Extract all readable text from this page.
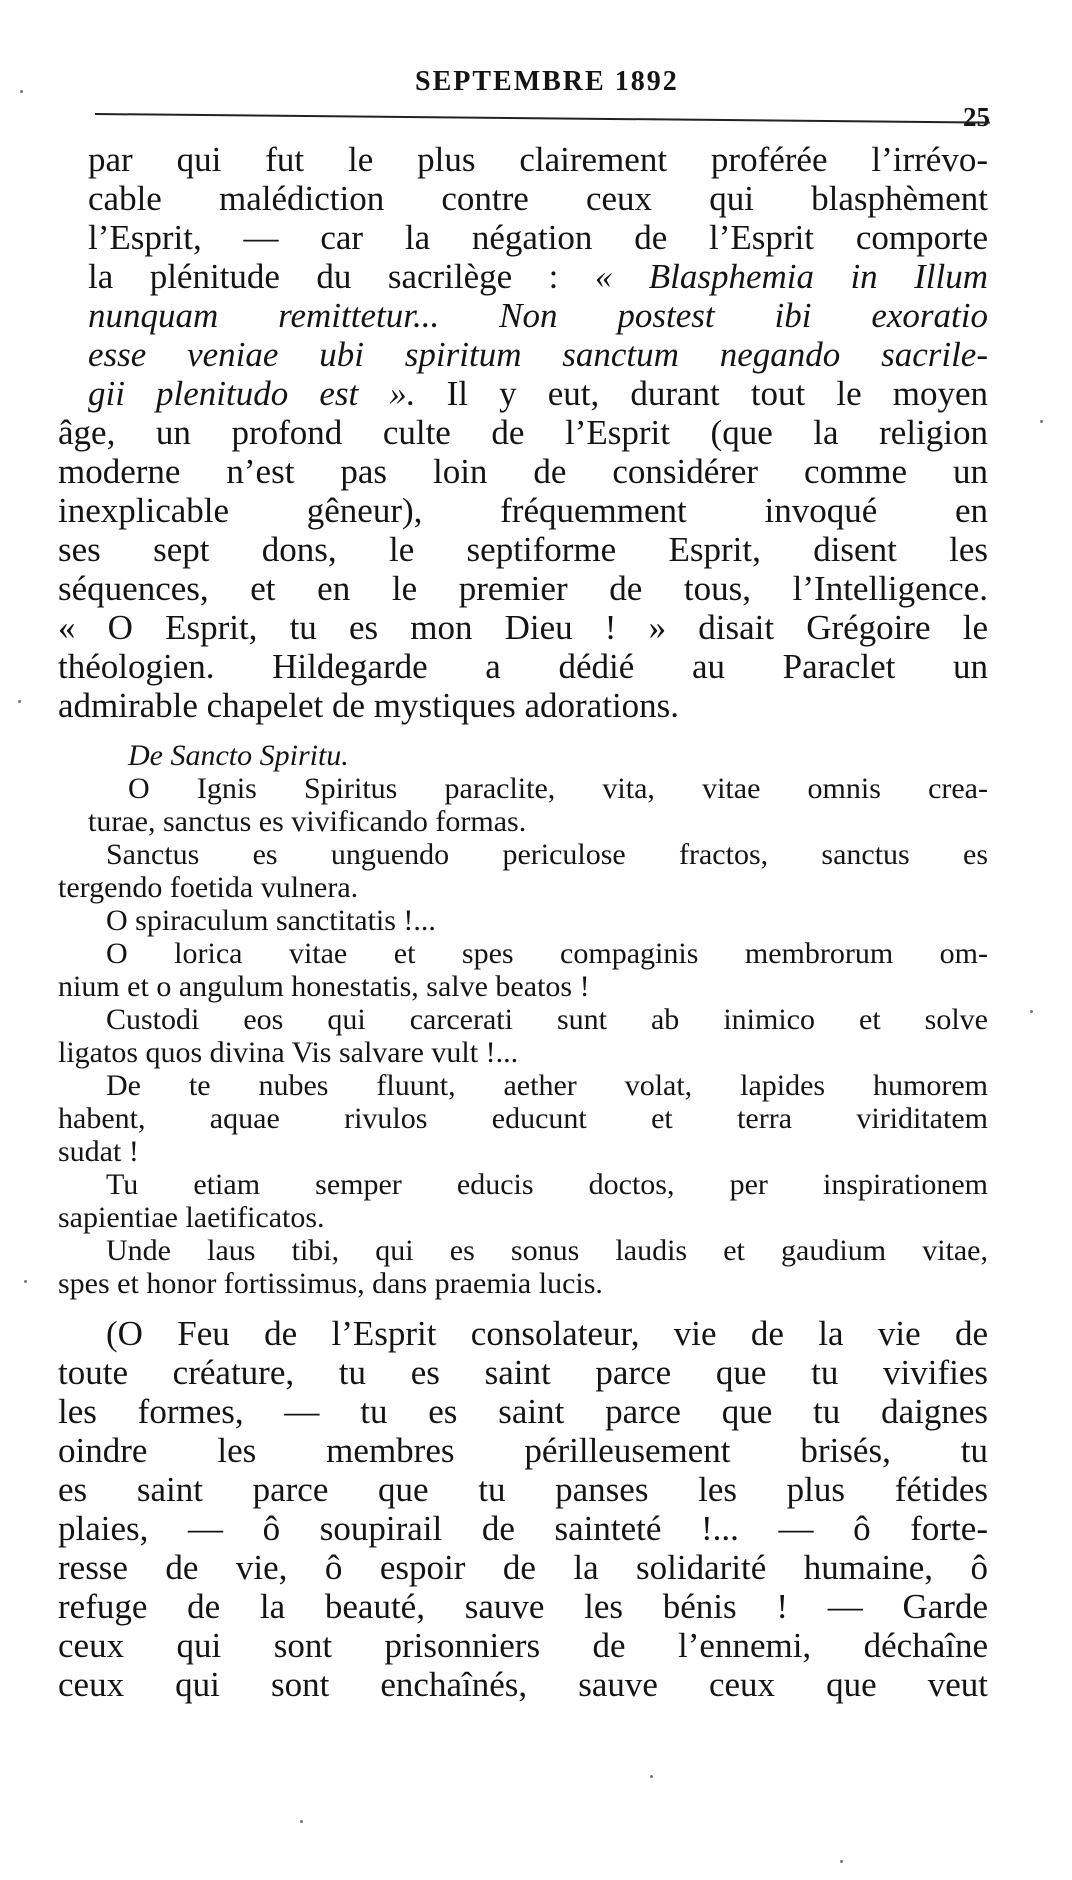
SEPTEMBRE 1892
25
par qui fut le plus clairement proférée l’irrévo-
cable malédiction contre ceux qui blasphèment
l’Esprit, — car la négation de l’Esprit comporte
la plénitude du sacrilège : « Blasphemia in Illum
nunquam remittetur... Non postest ibi exoratio
esse veniae ubi spiritum sanctum negando sacrile-
gii plenitudo est ». Il y eut, durant tout le moyen
âge, un profond culte de l’Esprit (que la religion
moderne n’est pas loin de considérer comme un
inexplicable gêneur), fréquemment invoqué en
ses sept dons, le septiforme Esprit, disent les
séquences, et en le premier de tous, l’Intelligence.
« O Esprit, tu es mon Dieu ! » disait Grégoire le
théologien. Hildegarde a dédié au Paraclet un
admirable chapelet de mystiques adorations.
De Sancto Spiritu.
O Ignis Spiritus paraclite, vita, vitae omnis crea-
turae, sanctus es vivificando formas.
Sanctus es unguendo periculose fractos, sanctus es
tergendo foetida vulnera.
O spiraculum sanctitatis !...
O lorica vitae et spes compaginis membrorum om-
nium et o angulum honestatis, salve beatos !
Custodi eos qui carcerati sunt ab inimico et solve
ligatos quos divina Vis salvare vult !...
De te nubes fluunt, aether volat, lapides humorem
habent, aquae rivulos educunt et terra viriditatem
sudat !
Tu etiam semper educis doctos, per inspirationem
sapientiae laetificatos.
Unde laus tibi, qui es sonus laudis et gaudium vitae,
spes et honor fortissimus, dans praemia lucis.
(O Feu de l’Esprit consolateur, vie de la vie de
toute créature, tu es saint parce que tu vivifies
les formes, — tu es saint parce que tu daignes
oindre les membres périlleusement brisés, tu
es saint parce que tu panses les plus fétides
plaies, — ô soupirail de sainteté !... — ô forte-
resse de vie, ô espoir de la solidarité humaine, ô
refuge de la beauté, sauve les bénis ! — Garde
ceux qui sont prisonniers de l’ennemi, déchaîne
ceux qui sont enchaînés, sauve ceux que veut
